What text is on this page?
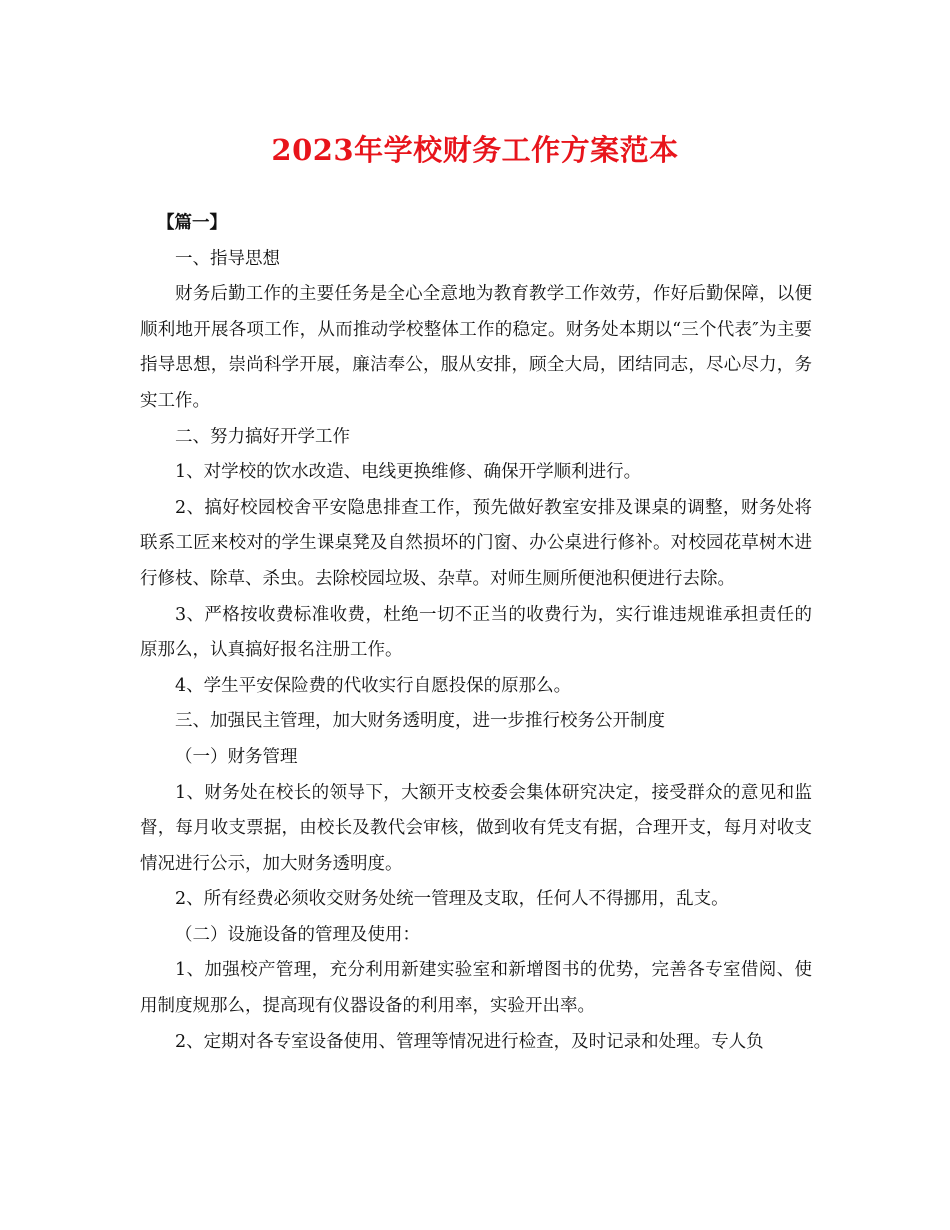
2023年学校财务工作方案范本

【篇一】

一、指导思想

财务后勤工作的主要任务是全心全意地为教育教学工作效劳，作好后勤保障，以便顺利地开展各项工作，从而推动学校整体工作的稳定。财务处本期以“三个代表″为主要指导思想，崇尚科学开展，廉洁奉公，服从安排，顾全大局，团结同志，尽心尽力，务实工作。

二、努力搞好开学工作

1、对学校的饮水改造、电线更换维修、确保开学顺利进行。

2、搞好校园校舍平安隐患排查工作，预先做好教室安排及课桌的调整，财务处将联系工匠来校对的学生课桌凳及自然损坏的门窗、办公桌进行修补。对校园花草树木进行修枝、除草、杀虫。去除校园垃圾、杂草。对师生厕所便池积便进行去除。

3、严格按收费标准收费，杜绝一切不正当的收费行为，实行谁违规谁承担责任的原那么，认真搞好报名注册工作。

4、学生平安保险费的代收实行自愿投保的原那么。

三、加强民主管理，加大财务透明度，进一步推行校务公开制度

（一）财务管理

1、财务处在校长的领导下，大额开支校委会集体研究决定，接受群众的意见和监督，每月收支票据，由校长及教代会审核，做到收有凭支有据，合理开支，每月对收支情况进行公示，加大财务透明度。

2、所有经费必须收交财务处统一管理及支取，任何人不得挪用，乱支。

（二）设施设备的管理及使用：

1、加强校产管理，充分利用新建实验室和新增图书的优势，完善各专室借阅、使用制度规那么，提高现有仪器设备的利用率，实验开出率。

2、定期对各专室设备使用、管理等情况进行检查，及时记录和处理。专人负
